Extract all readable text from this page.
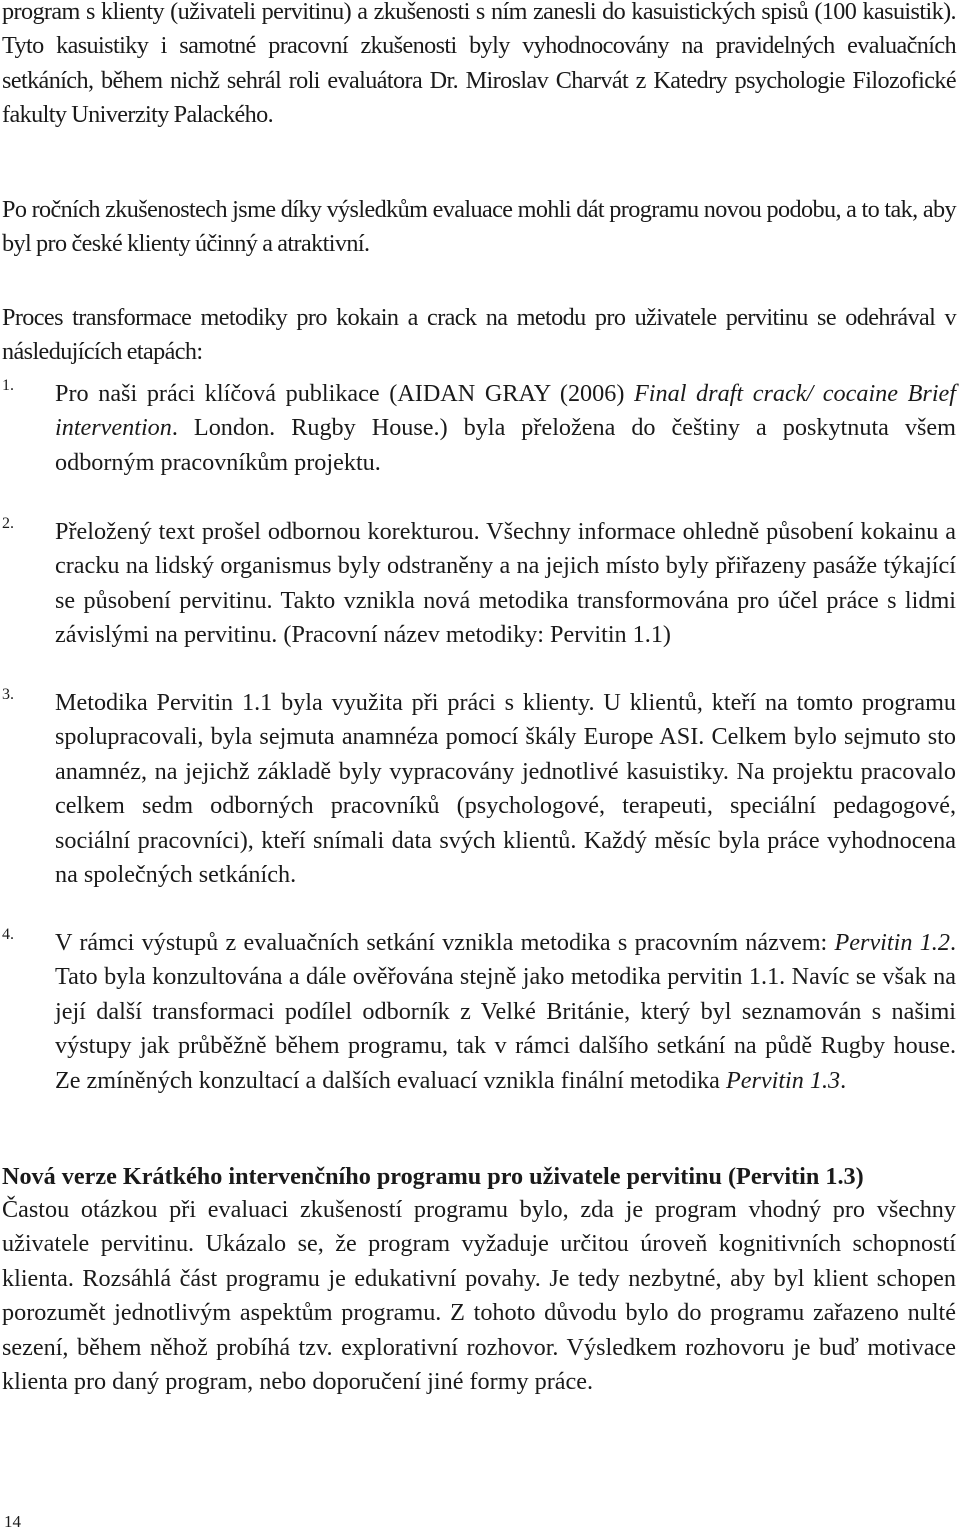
program s klienty (uživateli pervitinu) a zkušenosti s ním zanesli do kasuistických spisů (100 kasuistik). Tyto kasuistiky i samotné pracovní zkušenosti byly vyhodnocovány na pravidelných evaluačních setkáních, během nichž sehrál roli evaluátora Dr. Miroslav Charvát z Katedry psychologie Filozofické fakulty Univerzity Palackého.

Po ročních zkušenostech jsme díky výsledkům evaluace mohli dát programu novou podobu, a to tak, aby byl pro české klienty účinný a atraktivní.

Proces transformace metodiky pro kokain a crack na metodu pro uživatele pervitinu se odehrával v následujících etapách:

1. Pro naši práci klíčová publikace (AIDAN GRAY (2006) Final draft crack/ cocaine Brief intervention. London. Rugby House.) byla přeložena do češtiny a poskytnuta všem odborným pracovníkům projektu.

2. Přeložený text prošel odbornou korekturou. Všechny informace ohledně působení kokainu a cracku na lidský organismus byly odstraněny a na jejich místo byly přiřazeny pasáže týkající se působení pervitinu. Takto vznikla nová metodika transformována pro účel práce s lidmi závislými na pervitinu. (Pracovní název metodiky: Pervitin 1.1)

3. Metodika Pervitin 1.1 byla využita při práci s klienty. U klientů, kteří na tomto programu spolupracovali, byla sejmuta anamnéza pomocí škály Europe ASI. Celkem bylo sejmuto sto anamnéz, na jejichž základě byly vypracovány jednotlivé kasuistiky. Na projektu pracovalo celkem sedm odborných pracovníků (psychologové, terapeuti, speciální pedagogové, sociální pracovníci), kteří snímali data svých klientů. Každý měsíc byla práce vyhodnocena na společných setkáních.

4. V rámci výstupů z evaluačních setkání vznikla metodika s pracovním názvem: Pervitin 1.2. Tato byla konzultována a dále ověřována stejně jako metodika pervitin 1.1. Navíc se však na její další transformaci podílel odborník z Velké Británie, který byl seznamován s našimi výstupy jak průběžně během programu, tak v rámci dalšího setkání na půdě Rugby house. Ze zmíněných konzultací a dalších evaluací vznikla finální metodika Pervitin 1.3.

Nová verze Krátkého intervenčního programu pro uživatele pervitinu (Pervitin 1.3)

Častou otázkou při evaluaci zkušeností programu bylo, zda je program vhodný pro všechny uživatele pervitinu. Ukázalo se, že program vyžaduje určitou úroveň kognitivních schopností klienta. Rozsáhlá část programu je edukativní povahy. Je tedy nezbytné, aby byl klient schopen porozumět jednotlivým aspektům programu. Z tohoto důvodu bylo do programu zařazeno nulté sezení, během něhož probíhá tzv. explorativní rozhovor. Výsledkem rozhovoru je buď motivace klienta pro daný program, nebo doporučení jiné formy práce.

14
